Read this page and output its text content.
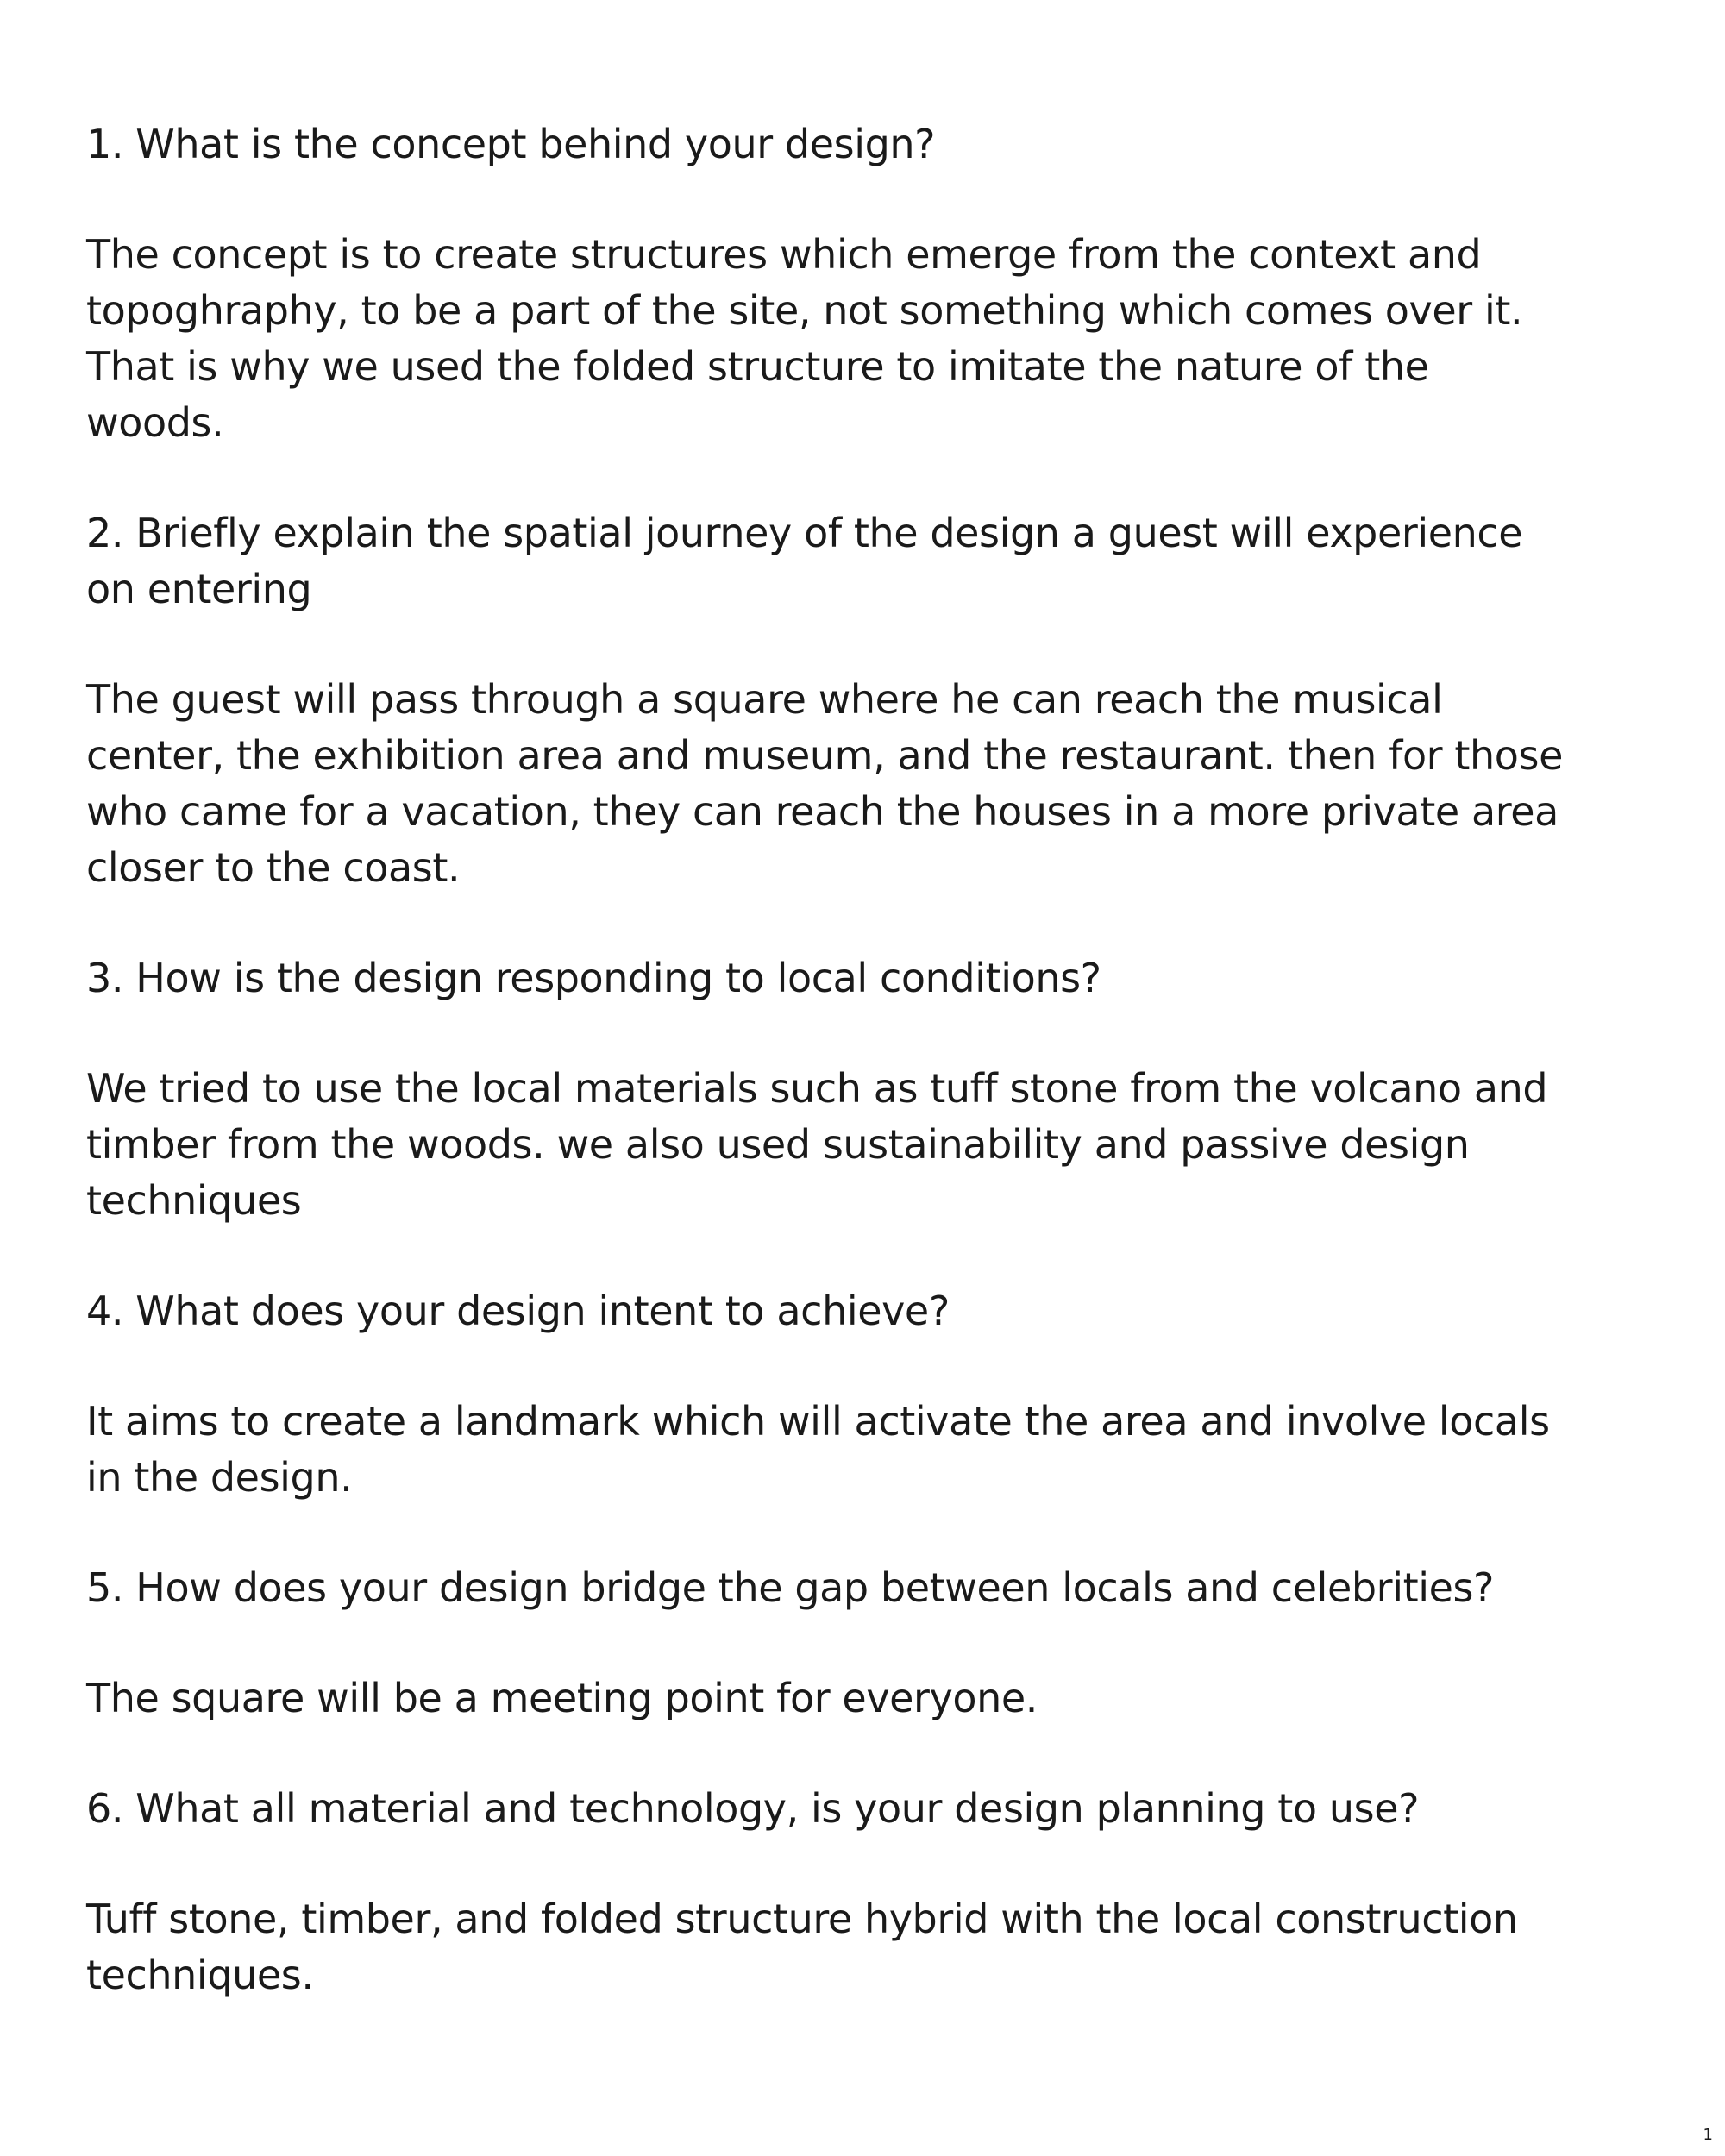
1. What is the concept behind your design?
The concept is to create structures which emerge from the context and
topoghraphy, to be a part of the site, not something which comes over it.
That is why we used the folded structure to imitate the nature of the
woods.
2. Briefly explain the spatial journey of the design a guest will experience
on entering
The guest will pass through a square where he can reach the musical
center, the exhibition area and museum, and the restaurant. then for those
who came for a vacation, they can reach the houses in a more private area
closer to the coast.
3. How is the design responding to local conditions?
We tried to use the local materials such as tuff stone from the volcano and
timber from the woods. we also used sustainability and passive design
techniques
4. What does your design intent to achieve?
It aims to create a landmark which will activate the area and involve locals
in the design.
5. How does your design bridge the gap between locals and celebrities?
The square will be a meeting point for everyone.
6. What all material and technology, is your design planning to use?
Tuff stone, timber, and folded structure hybrid with the local construction
techniques.
1
